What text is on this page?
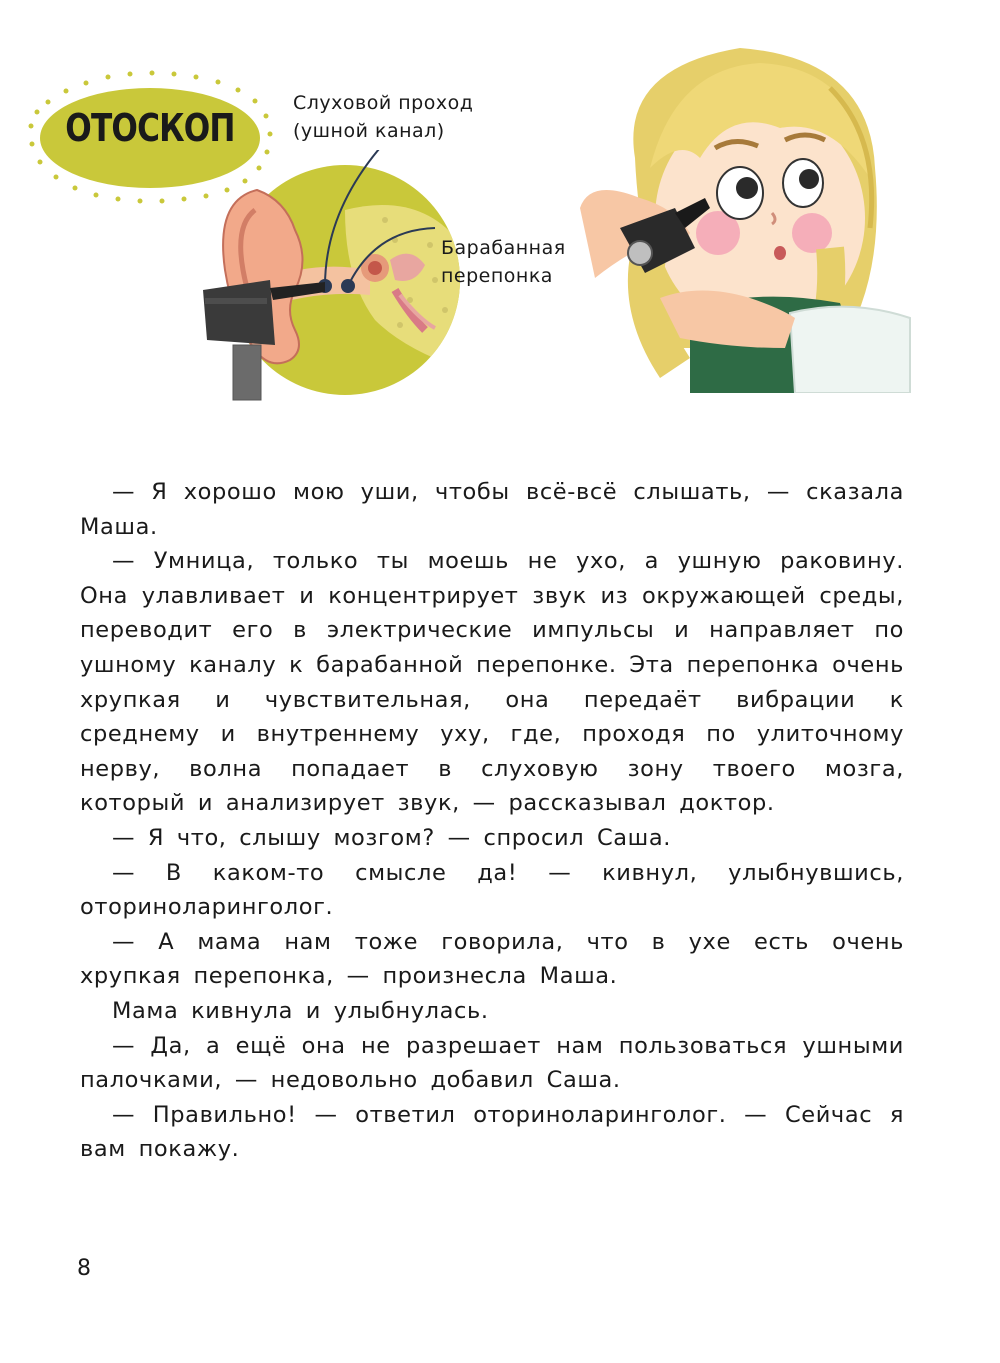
ОТОСКОП
Слуховой проход
(ушной канал)
Барабанная
перепонка

— Я хорошо мою уши, чтобы всё-всё слышать, — сказала Маша.

— Умница, только ты моешь не ухо, а ушную раковину. Она улавливает и концентрирует звук из окружающей среды, переводит его в электрические импульсы и направляет по ушному каналу к барабанной перепонке. Эта перепонка очень хрупкая и чувствительная, она передаёт вибрации к среднему и внутреннему уху, где, проходя по улиточному нерву, волна попадает в слуховую зону твоего мозга, который и анализирует звук, — рассказывал доктор.

— Я что, слышу мозгом? — спросил Саша.

— В каком-то смысле да! — кивнул, улыбнувшись, оториноларинголог.

— А мама нам тоже говорила, что в ухе есть очень хрупкая перепонка, — произнесла Маша.

Мама кивнула и улыбнулась.

— Да, а ещё она не разрешает нам пользоваться ушными палочками, — недовольно добавил Саша.

— Правильно! — ответил оториноларинголог. — Сейчас я вам покажу.

8
